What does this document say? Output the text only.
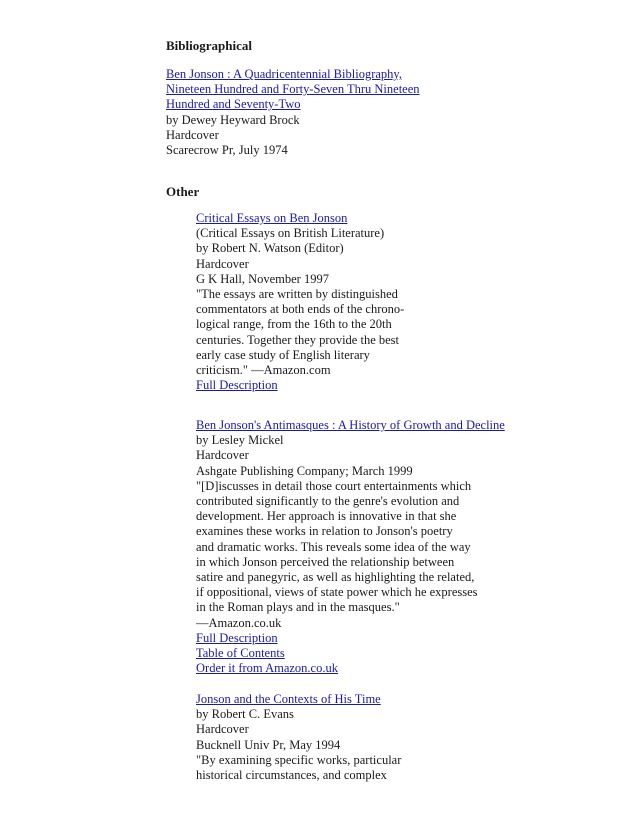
Bibliographical
Ben Jonson : A Quadricentennial Bibliography,
Nineteen Hundred and Forty-Seven Thru Nineteen
Hundred and Seventy-Two
by Dewey Heyward Brock
Hardcover
Scarecrow Pr, July 1974
Other
Critical Essays on Ben Jonson
(Critical Essays on British Literature)
by Robert N. Watson (Editor)
Hardcover
G K Hall, November 1997
"The essays are written by distinguished
commentators at both ends of the chrono-
logical range, from the 16th to the 20th
centuries. Together they provide the best
early case study of English literary
criticism." —Amazon.com
Full Description
Ben Jonson's Antimasques : A History of Growth and Decline
by Lesley Mickel
Hardcover
Ashgate Publishing Company; March 1999
"[D]iscusses in detail those court entertainments which
contributed significantly to the genre's evolution and
development. Her approach is innovative in that she
examines these works in relation to Jonson's poetry
and dramatic works. This reveals some idea of the way
in which Jonson perceived the relationship between
satire and panegyric, as well as highlighting the related,
if oppositional, views of state power which he expresses
in the Roman plays and in the masques."
—Amazon.co.uk
Full Description
Table of Contents
Order it from Amazon.co.uk
Jonson and the Contexts of His Time
by Robert C. Evans
Hardcover
Bucknell Univ Pr, May 1994
"By examining specific works, particular
historical circumstances, and complex
